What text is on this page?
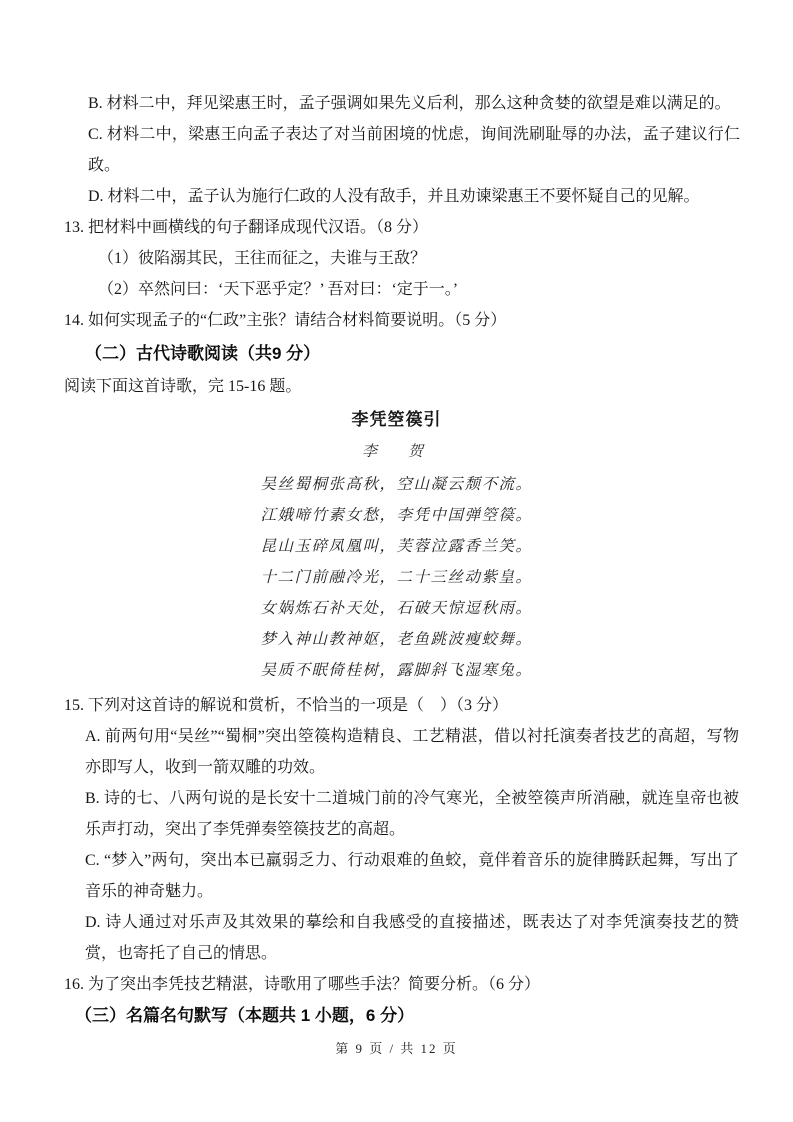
B. 材料二中，拜见梁惠王时，孟子强调如果先义后利，那么这种贪婪的欲望是难以满足的。

C. 材料二中，梁惠王向孟子表达了对当前困境的忧虑，询间洗刷耻辱的办法，孟子建议行仁政。

D. 材料二中，孟子认为施行仁政的人没有敌手，并且劝谏梁惠王不要怀疑自己的见解。

13. 把材料中画横线的句子翻译成现代汉语。（8 分）

（1）彼陷溺其民，王往而征之，夫谁与王敌？

（2）卒然问曰：‘天下恶乎定？’ 吾对曰：‘定于一。’

14. 如何实现孟子的“仁政”主张？请结合材料简要说明。（5 分）

（二）古代诗歌阅读（共9 分）

阅读下面这首诗歌，完 15-16 题。

李凭箜篌引

李　贺

吴丝蜀桐张高秋，空山凝云颓不流。

江娥啼竹素女愁，李凭中国弹箜篌。

昆山玉碎凤凰叫，芙蓉泣露香兰笑。

十二门前融冷光，二十三丝动紫皇。

女娲炼石补天处，石破天惊逗秋雨。

梦入神山教神妪，老鱼跳波瘦蛟舞。

吴质不眠倚桂树，露脚斜飞湿寒兔。

15. 下列对这首诗的解说和赏析，不恰当的一项是（　）（3 分）

A. 前两句用“吴丝”“蜀桐”突出箜篌构造精良、工艺精湛，借以衬托演奏者技艺的高超，写物亦即写人，收到一箭双雕的功效。

B. 诗的七、八两句说的是长安十二道城门前的冷气寒光，全被箜篌声所消融，就连皇帝也被乐声打动，突出了李凭弹奏箜篌技艺的高超。

C. “梦入”两句，突出本已羸弱乏力、行动艰难的鱼蛟，竟伴着音乐的旋律腾跃起舞，写出了音乐的神奇魅力。

D. 诗人通过对乐声及其效果的摹绘和自我感受的直接描述，既表达了对李凭演奏技艺的赞赏，也寄托了自己的情思。

16. 为了突出李凭技艺精湛，诗歌用了哪些手法？简要分析。（6 分）

（三）名篇名句默写（本题共 1 小题，6 分）

第 9 页 / 共 12 页
